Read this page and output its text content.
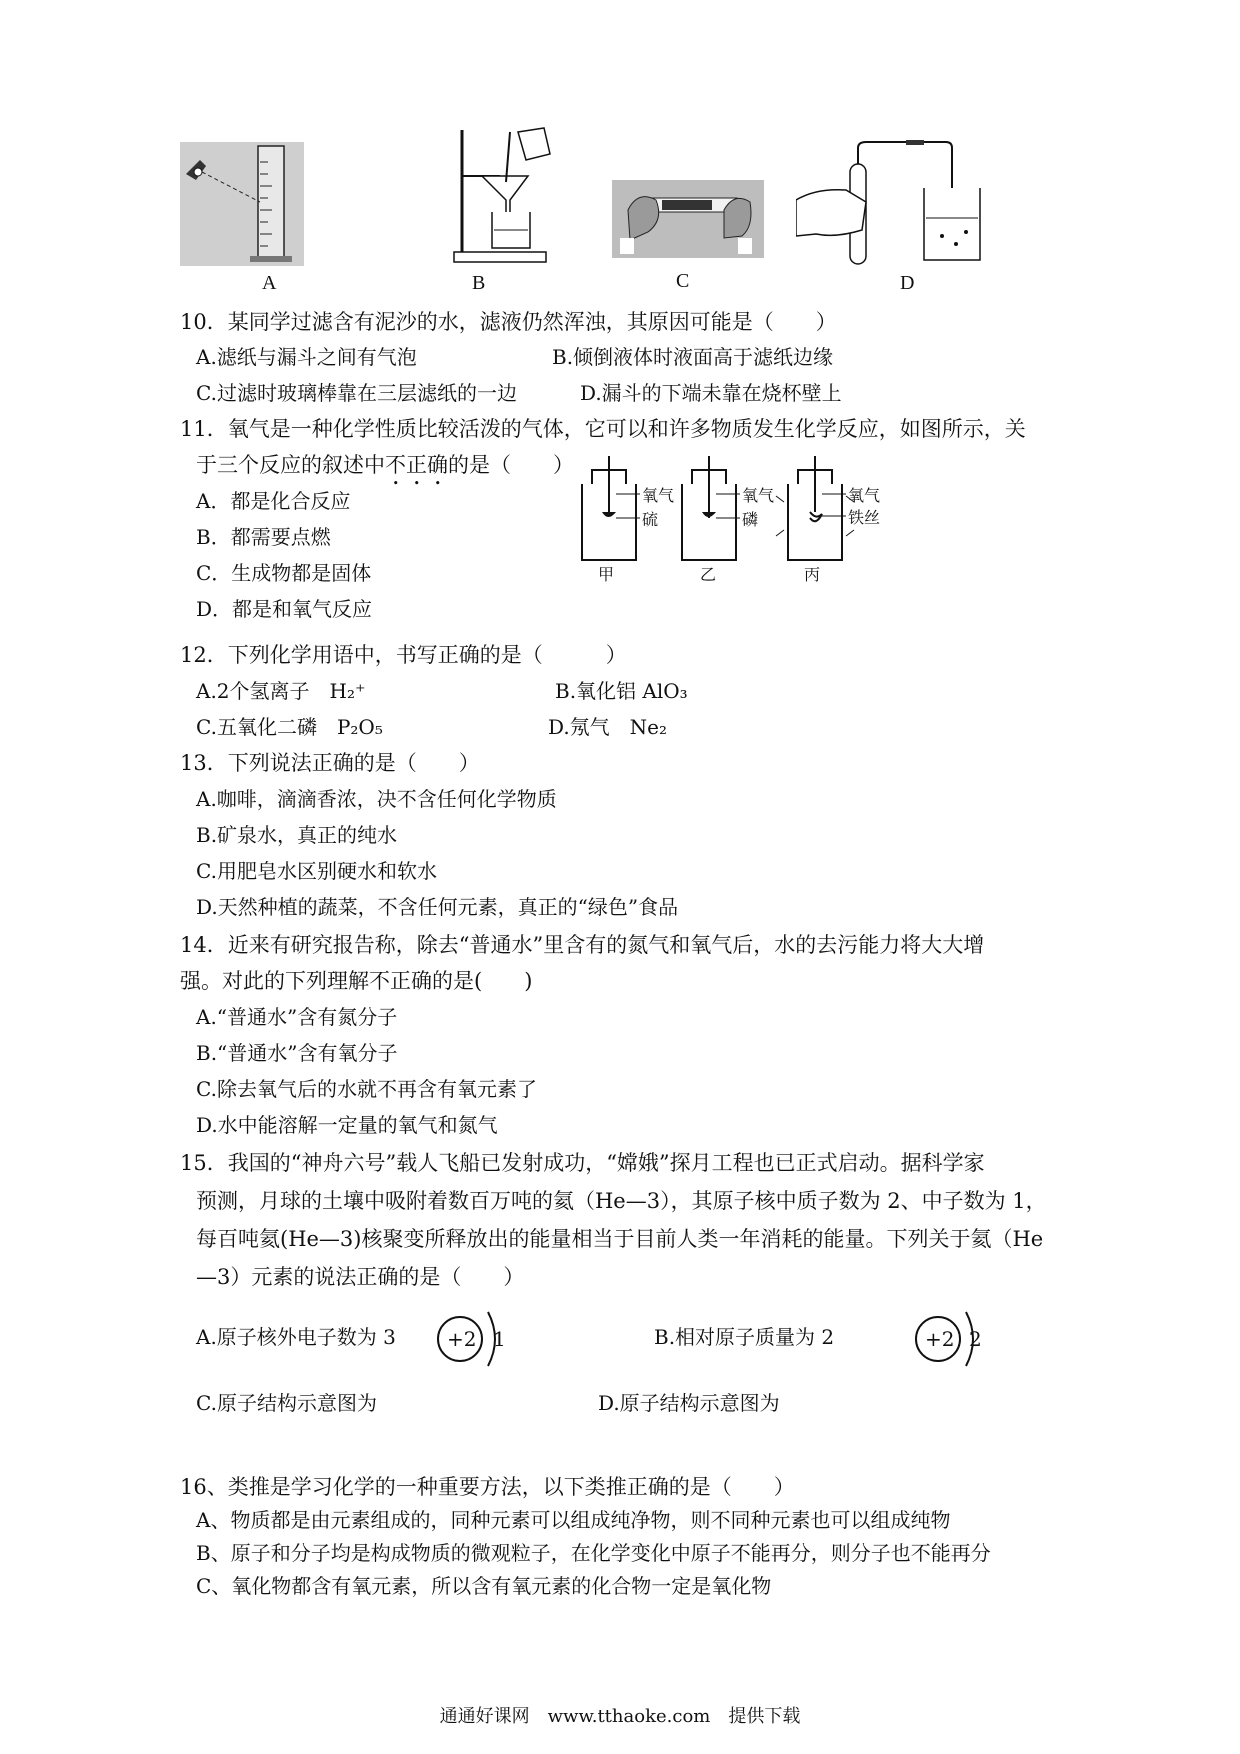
A	B	C	D
10．某同学过滤含有泥沙的水，滤液仍然浑浊，其原因可能是（　　）
A.滤纸与漏斗之间有气泡	B.倾倒液体时液面高于滤纸边缘
C.过滤时玻璃棒靠在三层滤纸的一边	D.漏斗的下端未靠在烧杯壁上
11．氧气是一种化学性质比较活泼的气体，它可以和许多物质发生化学反应，如图所示，关
于三个反应的叙述中不正确的是（　　）
A．都是化合反应
B．都需要点燃
C．生成物都是固体
D．都是和氧气反应
氧气
硫
氧气
磷
氧气
铁丝
甲	乙	丙
12．下列化学用语中，书写正确的是（　　　）
A.2个氢离子　H₂⁺	B.氧化铝 AlO₃
C.五氧化二磷　P₂O₅	D.氖气　Ne₂
13．下列说法正确的是（　　）
A.咖啡，滴滴香浓，决不含任何化学物质
B.矿泉水，真正的纯水
C.用肥皂水区别硬水和软水
D.天然种植的蔬菜，不含任何元素，真正的“绿色”食品
14．近来有研究报告称，除去“普通水”里含有的氮气和氧气后，水的去污能力将大大增
强。对此的下列理解不正确的是(　　)
A.“普通水”含有氮分子
B.“普通水”含有氧分子
C.除去氧气后的水就不再含有氧元素了
D.水中能溶解一定量的氧气和氮气
15．我国的“神舟六号”载人飞船已发射成功，“嫦娥”探月工程也已正式启动。据科学家
预测，月球的土壤中吸附着数百万吨的氦（He—3），其原子核中质子数为 2、中子数为 1，
每百吨氦(He—3)核聚变所释放出的能量相当于目前人类一年消耗的能量。下列关于氦（He
—3）元素的说法正确的是（　　）
A.原子核外电子数为 3	+2 1	B.相对原子质量为 2	+2 2
C.原子结构示意图为	D.原子结构示意图为
16、类推是学习化学的一种重要方法，以下类推正确的是（　　）
A、物质都是由元素组成的，同种元素可以组成纯净物，则不同种元素也可以组成纯物
B、原子和分子均是构成物质的微观粒子，在化学变化中原子不能再分，则分子也不能再分
C、氧化物都含有氧元素，所以含有氧元素的化合物一定是氧化物
通通好课网　www.tthaoke.com　提供下载
